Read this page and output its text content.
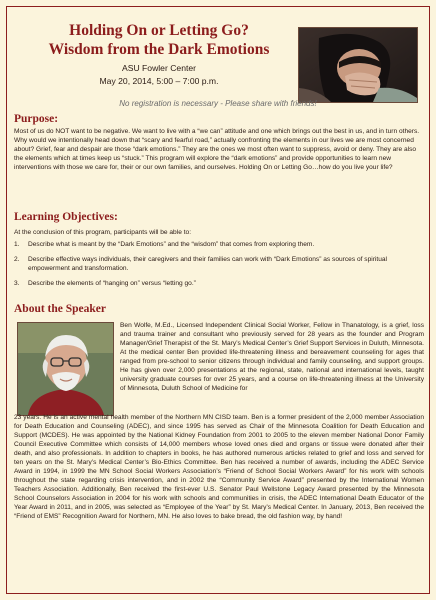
Holding On or Letting Go?
Wisdom from the Dark Emotions
ASU Fowler Center
May 20, 2014, 5:00 – 7:00 p.m.
No registration is necessary - Please share with friends!
Purpose:

Most of us do NOT want to be negative. We want to live with a “we can” attitude and one which brings out the best in us, and in turn others. Why would we intentionally head down that “scary and fearful road,” actually confronting the elements in our lives we are most concerned about? Grief, fear and despair are those “dark emotions.” They are the ones we most often want to suppress, avoid or deny. They are also the elements which at times keep us “stuck.” This program will explore the “dark emotions” and provide opportunities to learn new interventions with those we care for, their or our own families, and ourselves. Holding On or Letting Go…how do you live your life?

Learning Objectives:

At the conclusion of this program, participants will be able to:

1. Describe what is meant by the “Dark Emotions” and the “wisdom” that comes from exploring them.
2. Describe effective ways individuals, their caregivers and their families can work with “Dark Emotions” as sources of spiritual empowerment and transformation.
3. Describe the elements of “hanging on” versus “letting go.”
About the Speaker

Ben Wolfe, M.Ed., Licensed Independent Clinical Social Worker, Fellow in Thanatology, is a grief, loss and trauma trainer and consultant who previously served for 28 years as the founder and Program Manager/Grief Therapist of the St. Mary’s Medical Center’s Grief Support Services in Duluth, Minnesota. At the medical center Ben provided life-threatening illness and bereavement counseling for ages that ranged from pre-school to senior citizens through individual and family counseling, and support groups. He has given over 2,000 presentations at the regional, state, national and international levels, taught university graduate courses for over 25 years, and a course on life-threatening illness at the University of Minnesota, Duluth School of Medicine for

23 years. He is an active mental health member of the Northern MN CISD team. Ben is a former president of the 2,000 member Association for Death Education and Counseling (ADEC), and since 1995 has served as Chair of the Minnesota Coalition for Death Education and Support (MCDES). He was appointed by the National Kidney Foundation from 2001 to 2005 to the eleven member National Donor Family Council Executive Committee which consists of 14,000 members whose loved ones died and organs or tissue were donated after their death, and also professionals. In addition to chapters in books, he has authored numerous articles related to grief and loss and served for ten years on the St. Mary’s Medical Center’s Bio-Ethics Committee. Ben has received a number of awards, including the ADEC Service Award in 1994, in 1999 the MN School Social Workers Association’s “Friend of School Social Workers Award” for his work with schools throughout the state regarding crisis intervention, and in 2002 the “Community Service Award” presented by the International Women Teachers Association. Additionally, Ben received the first-ever U.S. Senator Paul Wellstone Legacy Award presented by the Minnesota School Counselors Association in 2004 for his work with schools and communities in crisis, the ADEC International Death Educator of the Year Award in 2011, and in 2005, was selected as “Employee of the Year” by St. Mary’s Medical Center. In January, 2013, Ben received the “Friend of EMS” Recognition Award for Northern, MN. He also loves to bake bread, the old fashion way, by hand!
